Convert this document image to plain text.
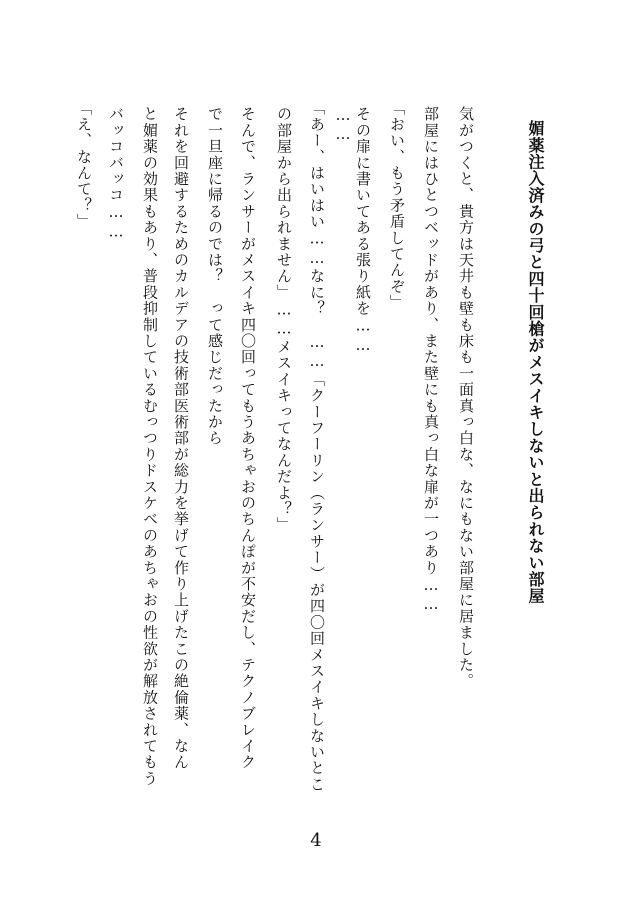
媚薬注入済みの弓と四十回槍がメスイキしないと出られない部屋
気がつくと、貴方は天井も壁も床も一面真っ白な、なにもない部屋に居ました。
部屋にはひとつベッドがあり、また壁にも真っ白な扉が一つあり……
「おい、もう矛盾してんぞ」
その扉に書いてある張り紙を……
……
「あー、はいはい……なに？　……「クーフーリン（ランサー）が四〇回メスイキしないとこ
の部屋から出られません」……メスイキってなんだよ？」
そんで、ランサーがメスイキ四〇回ってもうあちゃおのちんぽが不安だし、テクノブレイク
で一旦座に帰るのでは？　って感じだったから
それを回避するためのカルデアの技術部医術部が総力を挙げて作り上げたこの絶倫薬、なん
と媚薬の効果もあり、普段抑制しているむっつりドスケベのあちゃおの性欲が解放されてもう
バッコバッコ……
「え、なんて？」
4
